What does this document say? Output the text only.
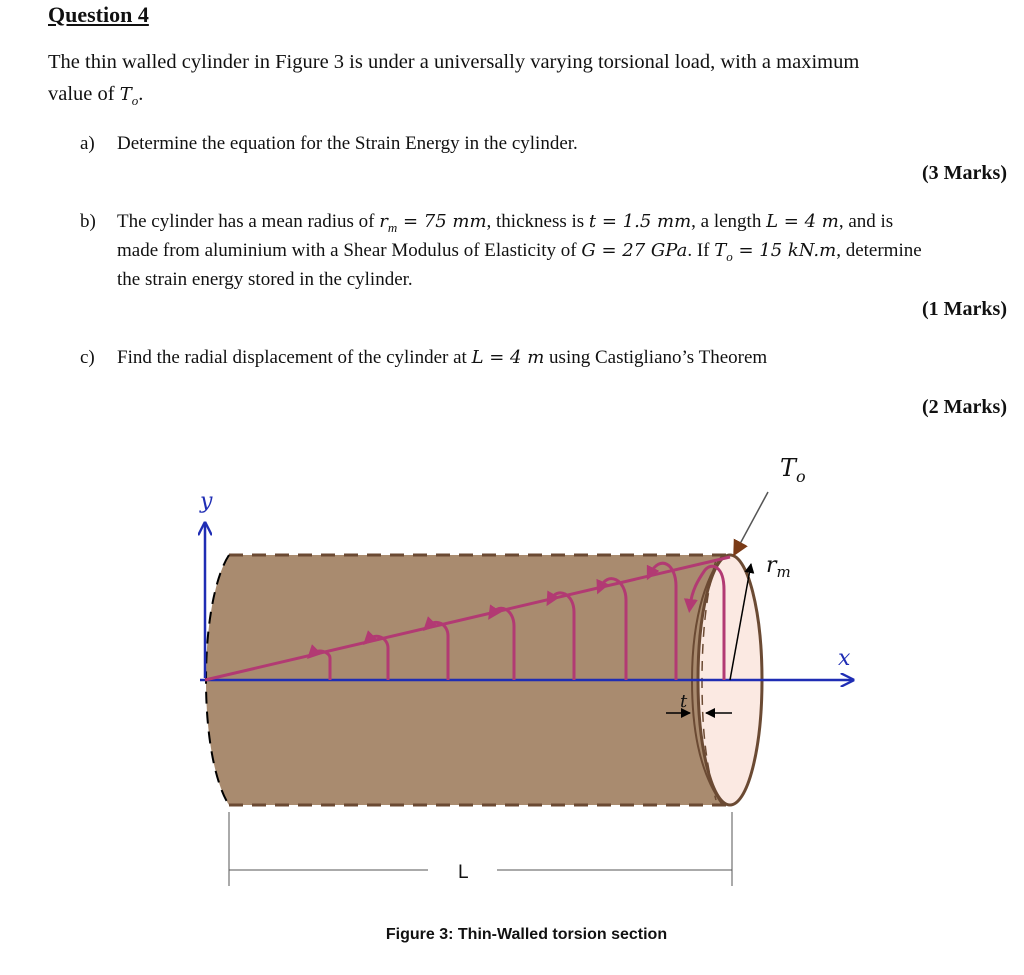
Question 4
The thin walled cylinder in Figure 3 is under a universally varying torsional load, with a maximum
value of $T_o$.
a) Determine the equation for the Strain Energy in the cylinder.
(3 Marks)
b) The cylinder has a mean radius of $r_m = 75$ mm, thickness is t = 1.5 mm, a length L = 4 m, and is
made from aluminium with a Shear Modulus of Elasticity of G = 27 GPa. If $T_o = 15$ kN.m, determine
the strain energy stored in the cylinder.
(1 Marks)
c) Find the radial displacement of the cylinder at L = 4 m using Castigliano’s Theorem
(2 Marks)
y
x
$r_m$
$T_o$
t
L
Figure 3: Thin-Walled torsion section
